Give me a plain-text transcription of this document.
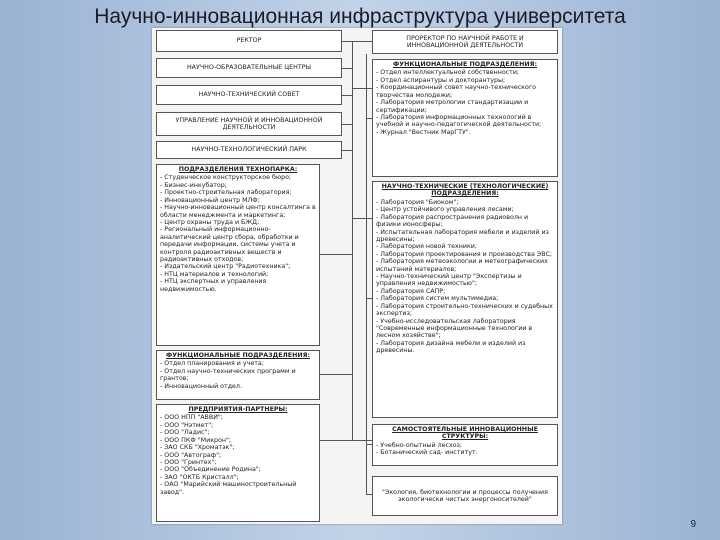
Научно-инновационная инфраструктура университета
РЕКТОР
НАУЧНО-ОБРАЗОВАТЕЛЬНЫЕ ЦЕНТРЫ
НАУЧНО-ТЕХНИЧЕСКИЙ СОВЕТ
УПРАВЛЕНИЕ НАУЧНОЙ И ИННОВАЦИОННОЙ ДЕЯТЕЛЬНОСТИ
НАУЧНО-ТЕХНОЛОГИЧЕСКИЙ ПАРК
ПОДРАЗДЕЛЕНИЯ ТЕХНОПАРКА:
- Студенческое конструкторское бюро;
- Бизнес-инкубатор;
- Проектно-строительная лаборатория;
- Инновационный центр МЛФ;
- Научно-инновационный центр консалтинга в области менеджмента и маркетинга;
- Центр охраны труда и БЖД;
- Региональный информационно-аналитический центр сбора, обработки и передачи информации, системы учета и контроля радиоактивных веществ и радиоактивных отходов;
- Издательский центр "Радиотехника";
- НТЦ материалов и технологий;
- НТЦ экспертных и управления недвижимостью.
ФУНКЦИОНАЛЬНЫЕ ПОДРАЗДЕЛЕНИЯ:
- Отдел планирования и учета;
- Отдел научно-технических программ и грантов;
- Инновационный отдел.
ПРЕДПРИЯТИЯ-ПАРТНЕРЫ:
- ООО НПП "АВВИ";
- ООО "Нэтмет";
- ООО "Ладис";
- ООО ПКФ "Микрон";
- ЗАО СКБ "Хроматэк";
- ООО "Автограф";
- ООО "Гринтех";
- ООО "Объединение Родина";
- ЗАО "ОКТБ Кристалл";
- ОАО "Марийский машиностроительный завод".
ПРОРЕКТОР ПО НАУЧНОЙ РАБОТЕ И ИННОВАЦИОННОЙ ДЕЯТЕЛЬНОСТИ
ФУНКЦИОНАЛЬНЫЕ ПОДРАЗДЕЛЕНИЯ:
- Отдел интеллектуальной собственности;
- Отдел аспирантуры и докторантуры;
- Координационный совет научно-технического творчества молодежи;
- Лаборатория метрологии стандартизации и сертификации;
- Лаборатория информационных технологий в учебной и научно-педагогической деятельности;
- Журнал "Вестник МарГТУ".
НАУЧНО-ТЕХНИЧЕСКИЕ (ТЕХНОЛОГИЧЕСКИЕ) ПОДРАЗДЕЛЕНИЯ:
- Лаборатория "Биоком";
- Центр устойчивого управления лесами;
- Лаборатория распространения радиоволн и физики ионосферы;
- Испытательная лаборатория мебели и изделий из древесины;
- Лаборатория новой техники;
- Лаборатория проектирования и производства ЭВС;
- Лаборатория метеоэкологии и метеографических испытаний материалов;
- Научно-технический центр "Экспертизы и управления недвижимостью";
- Лаборатория САПР;
- Лаборатория систем мультимедиа;
- Лаборатория строительно-технических и судебных экспертиз;
- Учебно-исследовательская лаборатория "Современные информационные технологии в лесном хозяйстве";
- Лаборатория дизайна мебели и изделий из древесины.
САМОСТОЯТЕЛЬНЫЕ ИННОВАЦИОННЫЕ СТРУКТУРЫ:
- Учебно-опытный лесхоз;
- Ботанический сад- институт.
"Экология, биотехнологии и процессы получения экологически чистых энергоносителей"
9
